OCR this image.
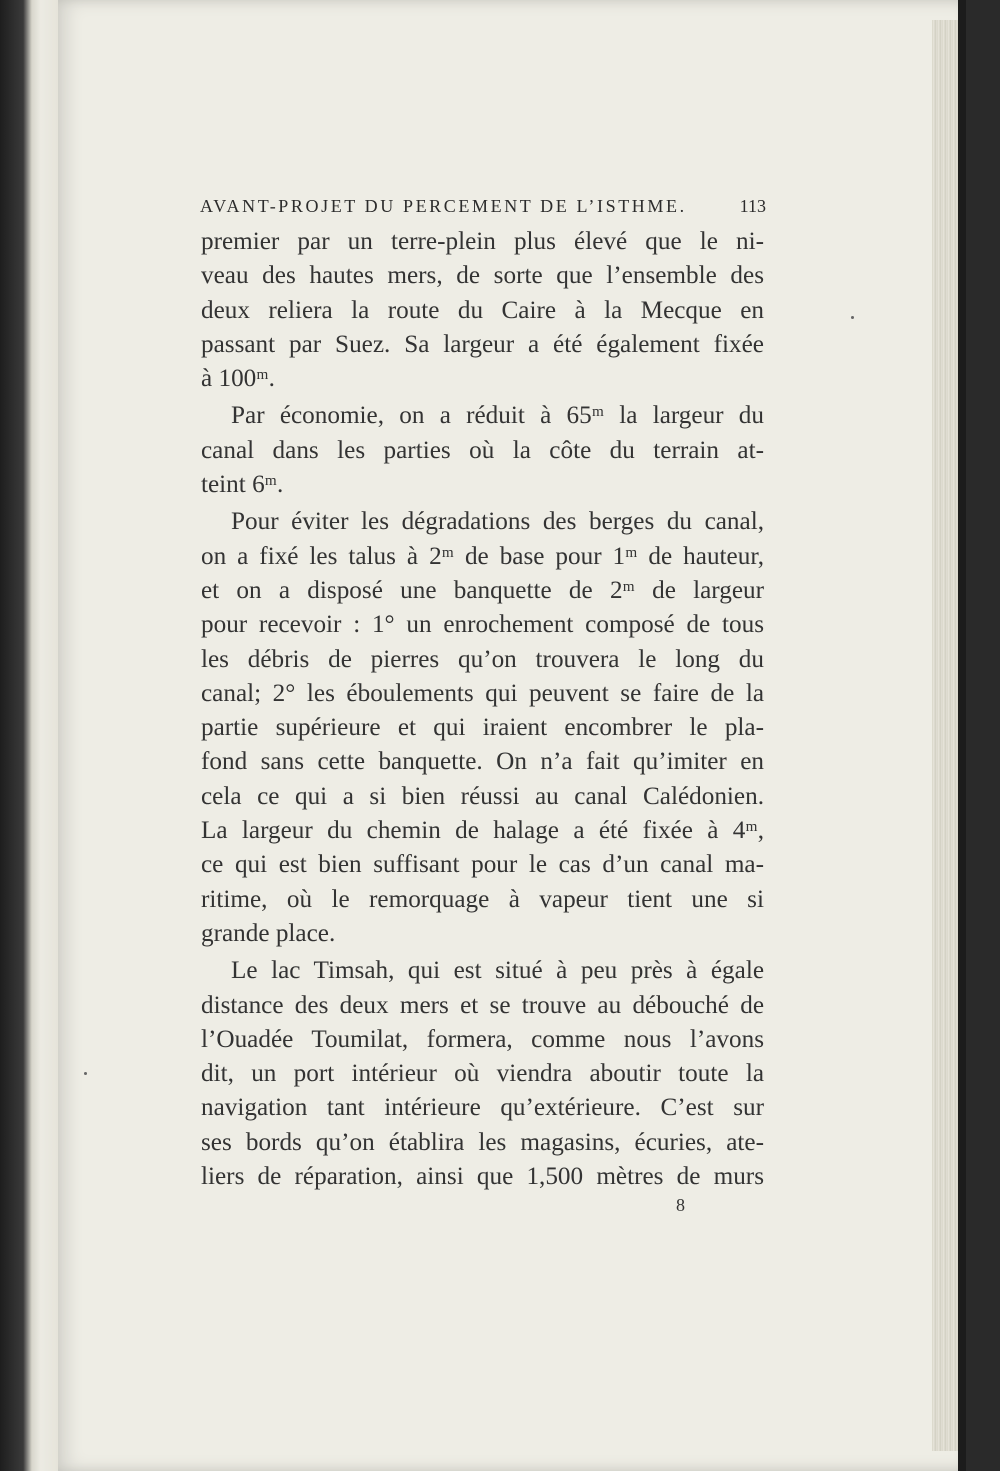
AVANT-PROJET DU PERCEMENT DE L’ISTHME.	113
premier par un terre-plein plus élevé que le ni-
veau des hautes mers, de sorte que l’ensemble des
deux reliera la route du Caire à la Mecque en
passant par Suez. Sa largeur a été également fixée
à 100ᵐ.
Par économie, on a réduit à 65ᵐ la largeur du
canal dans les parties où la côte du terrain at-
teint 6ᵐ.
Pour éviter les dégradations des berges du canal,
on a fixé les talus à 2ᵐ de base pour 1ᵐ de hauteur,
et on a disposé une banquette de 2ᵐ de largeur
pour recevoir : 1° un enrochement composé de tous
les débris de pierres qu’on trouvera le long du
canal; 2° les éboulements qui peuvent se faire de la
partie supérieure et qui iraient encombrer le pla-
fond sans cette banquette. On n’a fait qu’imiter en
cela ce qui a si bien réussi au canal Calédonien.
La largeur du chemin de halage a été fixée à 4ᵐ,
ce qui est bien suffisant pour le cas d’un canal ma-
ritime, où le remorquage à vapeur tient une si
grande place.
Le lac Timsah, qui est situé à peu près à égale
distance des deux mers et se trouve au débouché de
l’Ouadée Toumilat, formera, comme nous l’avons
dit, un port intérieur où viendra aboutir toute la
navigation tant intérieure qu’extérieure. C’est sur
ses bords qu’on établira les magasins, écuries, ate-
liers de réparation, ainsi que 1,500 mètres de murs
8
